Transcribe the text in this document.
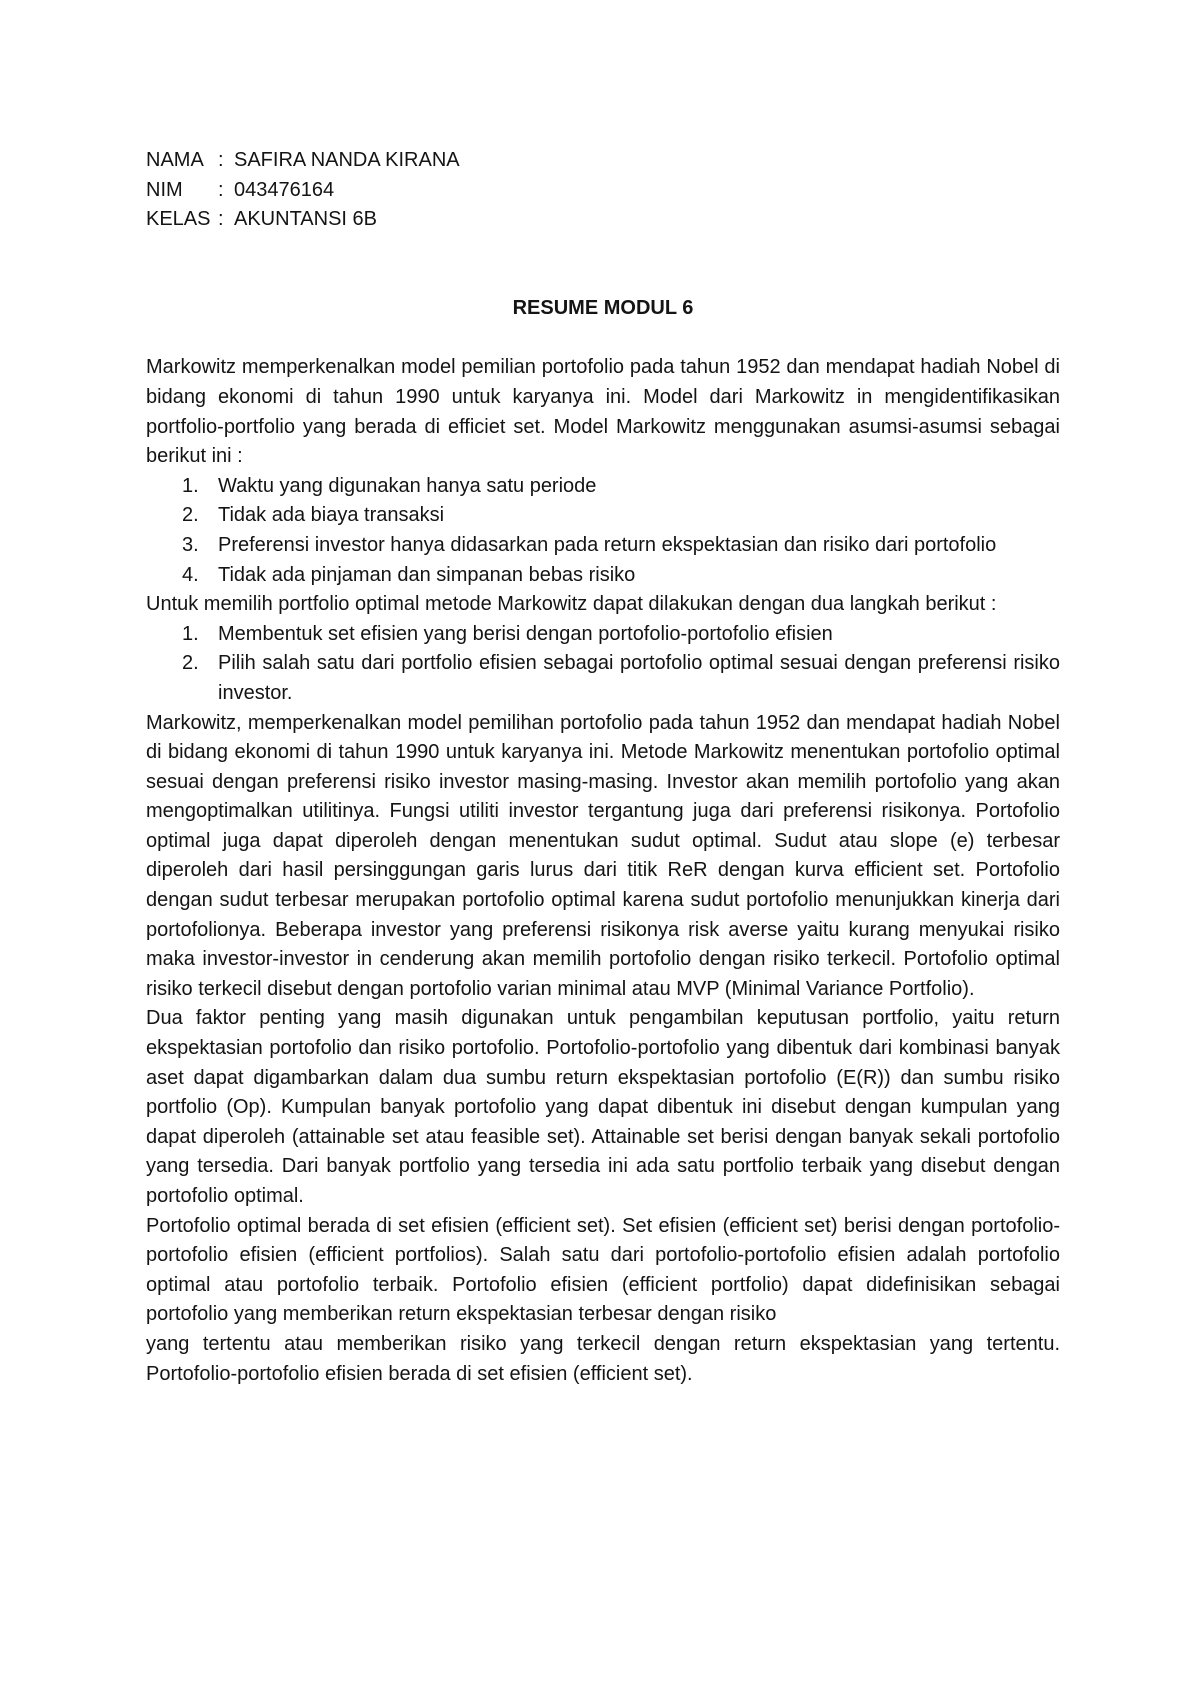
NAMA : SAFIRA NANDA KIRANA
NIM	: 043476164
KELAS : AKUNTANSI 6B
RESUME MODUL 6

Markowitz memperkenalkan model pemilian portofolio pada tahun 1952 dan mendapat hadiah Nobel di bidang ekonomi di tahun 1990 untuk karyanya ini. Model dari Markowitz in mengidentifikasikan portfolio-portfolio yang berada di efficiet set. Model Markowitz menggunakan asumsi-asumsi sebagai berikut ini :

1. Waktu yang digunakan hanya satu periode
2. Tidak ada biaya transaksi
3. Preferensi investor hanya didasarkan pada return ekspektasian dan risiko dari portofolio
4. Tidak ada pinjaman dan simpanan bebas risiko

Untuk memilih portfolio optimal metode Markowitz dapat dilakukan dengan dua langkah berikut :

1. Membentuk set efisien yang berisi dengan portofolio-portofolio efisien
2. Pilih salah satu dari portfolio efisien sebagai portofolio optimal sesuai dengan preferensi risiko investor.

Markowitz, memperkenalkan model pemilihan portofolio pada tahun 1952 dan mendapat hadiah Nobel di bidang ekonomi di tahun 1990 untuk karyanya ini. Metode Markowitz menentukan portofolio optimal sesuai dengan preferensi risiko investor masing-masing. Investor akan memilih portofolio yang akan mengoptimalkan utilitinya. Fungsi utiliti investor tergantung juga dari preferensi risikonya. Portofolio optimal juga dapat diperoleh dengan menentukan sudut optimal. Sudut atau slope (e) terbesar diperoleh dari hasil persinggungan garis lurus dari titik ReR dengan kurva efficient set. Portofolio dengan sudut terbesar merupakan portofolio optimal karena sudut portofolio menunjukkan kinerja dari portofolionya. Beberapa investor yang preferensi risikonya risk averse yaitu kurang menyukai risiko maka investor-investor in cenderung akan memilih portofolio dengan risiko terkecil. Portofolio optimal risiko terkecil disebut dengan portofolio varian minimal atau MVP (Minimal Variance Portfolio).

Dua faktor penting yang masih digunakan untuk pengambilan keputusan portfolio, yaitu return ekspektasian portofolio dan risiko portofolio. Portofolio-portofolio yang dibentuk dari kombinasi banyak aset dapat digambarkan dalam dua sumbu return ekspektasian portofolio (E(R)) dan sumbu risiko portfolio (Op). Kumpulan banyak portofolio yang dapat dibentuk ini disebut dengan kumpulan yang dapat diperoleh (attainable set atau feasible set). Attainable set berisi dengan banyak sekali portofolio yang tersedia. Dari banyak portfolio yang tersedia ini ada satu portfolio terbaik yang disebut dengan portofolio optimal.

Portofolio optimal berada di set efisien (efficient set). Set efisien (efficient set) berisi dengan portofolio-portofolio efisien (efficient portfolios). Salah satu dari portofolio-portofolio efisien adalah portofolio optimal atau portofolio terbaik. Portofolio efisien (efficient portfolio) dapat didefinisikan sebagai portofolio yang memberikan return ekspektasian terbesar dengan risiko

yang tertentu atau memberikan risiko yang terkecil dengan return ekspektasian yang tertentu. Portofolio-portofolio efisien berada di set efisien (efficient set).
